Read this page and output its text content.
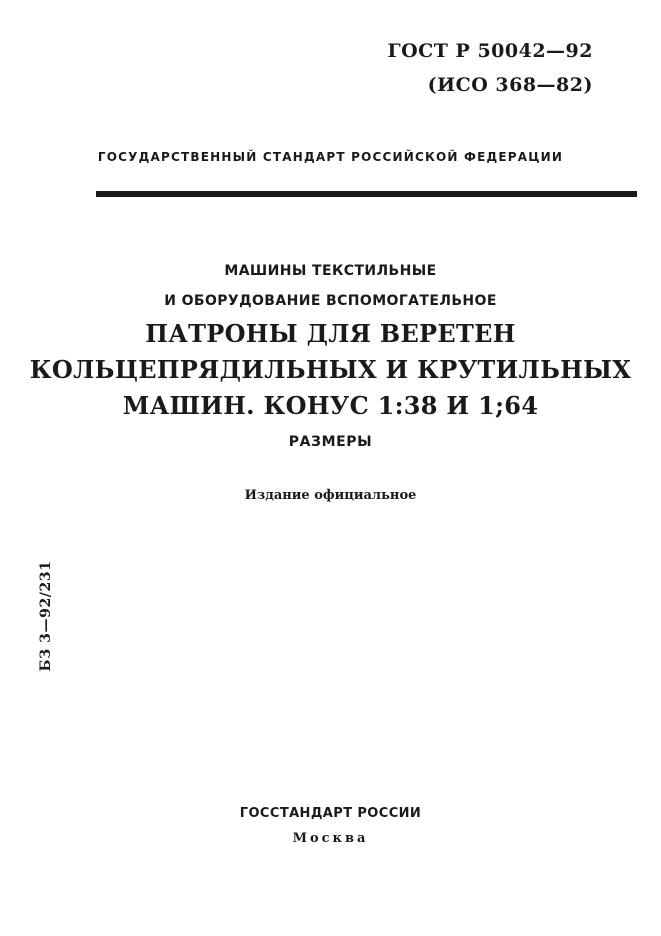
ГОСТ Р 50042—92
(ИСО 368—82)
ГОСУДАРСТВЕННЫЙ СТАНДАРТ РОССИЙСКОЙ ФЕДЕРАЦИИ
МАШИНЫ ТЕКСТИЛЬНЫЕ
И ОБОРУДОВАНИЕ ВСПОМОГАТЕЛЬНОЕ
ПАТРОНЫ ДЛЯ ВЕРЕТЕН
КОЛЬЦЕПРЯДИЛЬНЫХ И КРУТИЛЬНЫХ
МАШИН. КОНУС 1:38 И 1;64
РАЗМЕРЫ
Издание официальное
БЗ 3—92/231
ГОССТАНДАРТ РОССИИ
Москва
